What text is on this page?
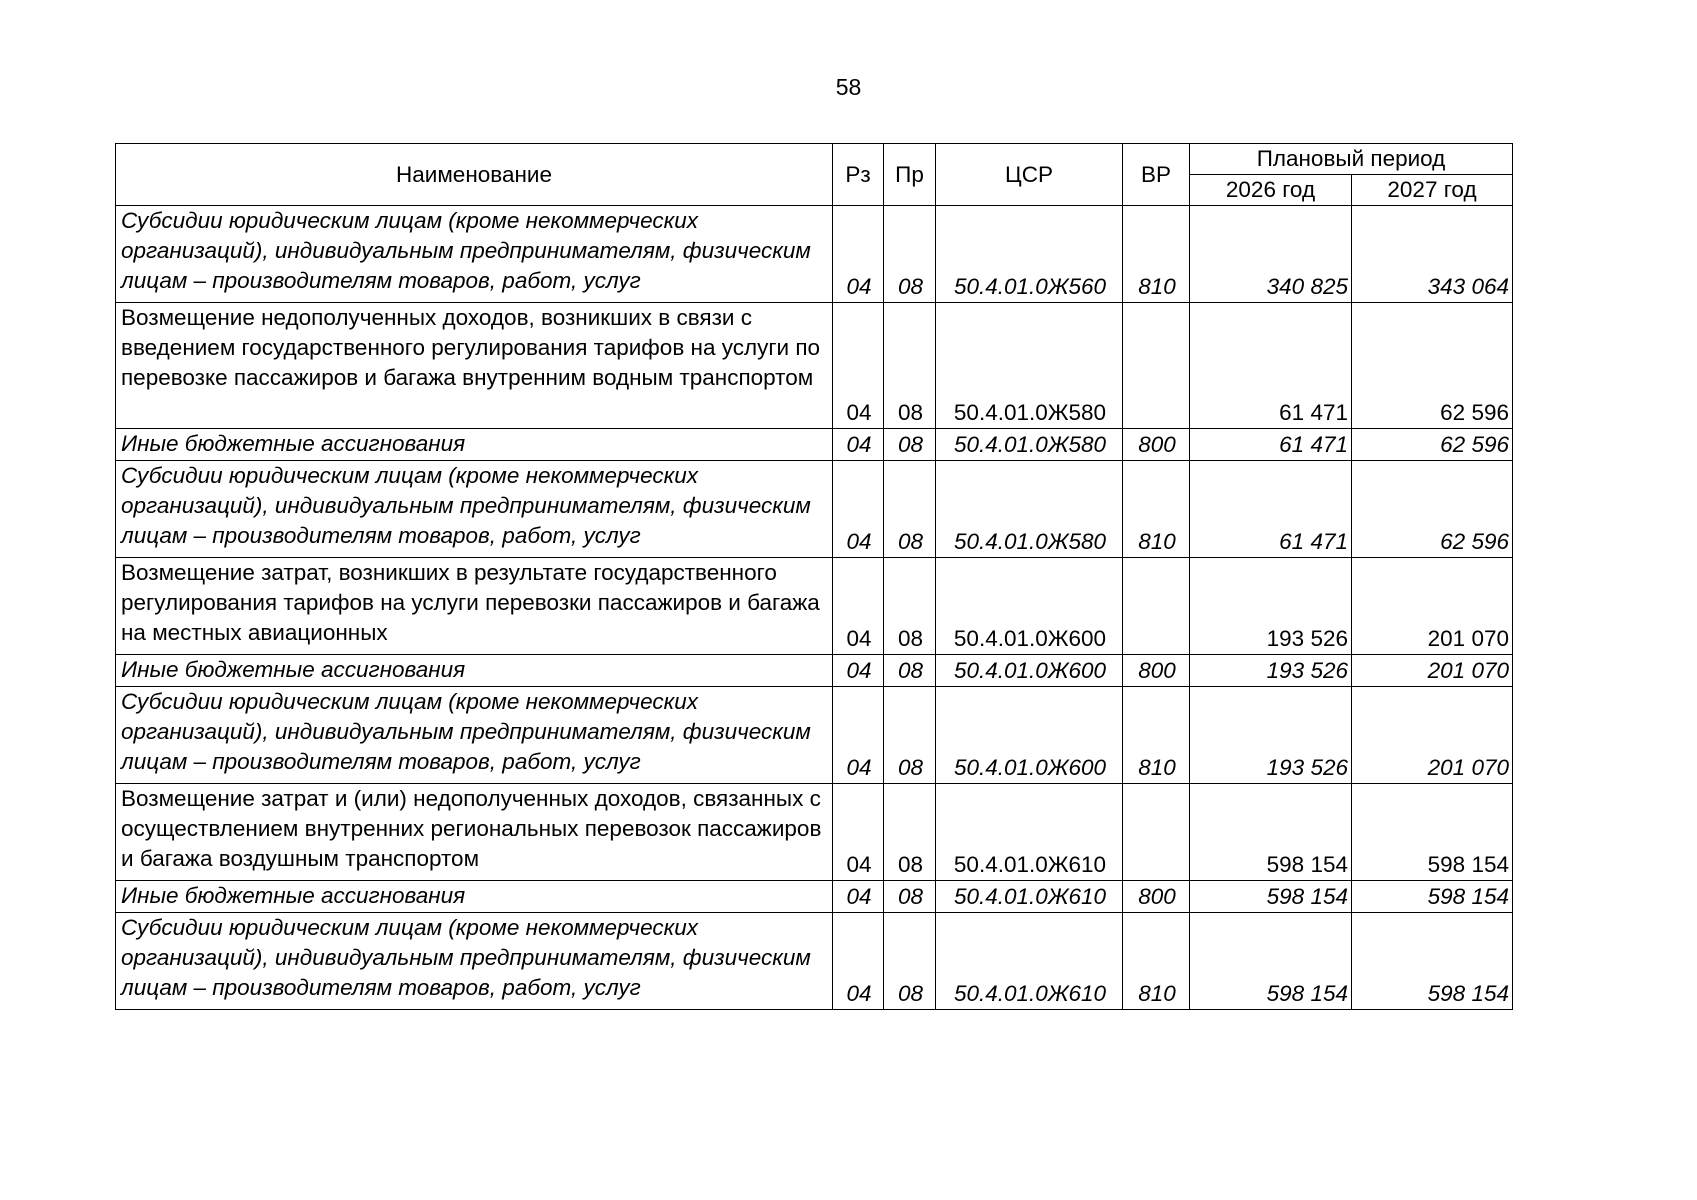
58
Наименование	Рз	Пр	ЦСР	ВР	Плановый период	
					2026 год	2027 год
Субсидии юридическим лицам (кроме некоммерческих организаций), индивидуальным предпринимателям, физическим лицам – производителям товаров, работ, услуг	04	08	50.4.01.0Ж560	810	340 825	343 064
Возмещение недополученных доходов, возникших в связи с введением государственного регулирования тарифов на услуги по перевозке пассажиров и багажа внутренним водным транспортом	04	08	50.4.01.0Ж580		61 471	62 596
Иные бюджетные ассигнования	04	08	50.4.01.0Ж580	800	61 471	62 596
Субсидии юридическим лицам (кроме некоммерческих организаций), индивидуальным предпринимателям, физическим лицам – производителям товаров, работ, услуг	04	08	50.4.01.0Ж580	810	61 471	62 596
Возмещение затрат, возникших в результате государственного регулирования тарифов на услуги перевозки пассажиров и багажа на местных авиационных	04	08	50.4.01.0Ж600		193 526	201 070
Иные бюджетные ассигнования	04	08	50.4.01.0Ж600	800	193 526	201 070
Субсидии юридическим лицам (кроме некоммерческих организаций), индивидуальным предпринимателям, физическим лицам – производителям товаров, работ, услуг	04	08	50.4.01.0Ж600	810	193 526	201 070
Возмещение затрат и (или) недополученных доходов, связанных с осуществлением внутренних региональных перевозок пассажиров и багажа воздушным транспортом	04	08	50.4.01.0Ж610		598 154	598 154
Иные бюджетные ассигнования	04	08	50.4.01.0Ж610	800	598 154	598 154
Субсидии юридическим лицам (кроме некоммерческих организаций), индивидуальным предпринимателям, физическим лицам – производителям товаров, работ, услуг	04	08	50.4.01.0Ж610	810	598 154	598 154
